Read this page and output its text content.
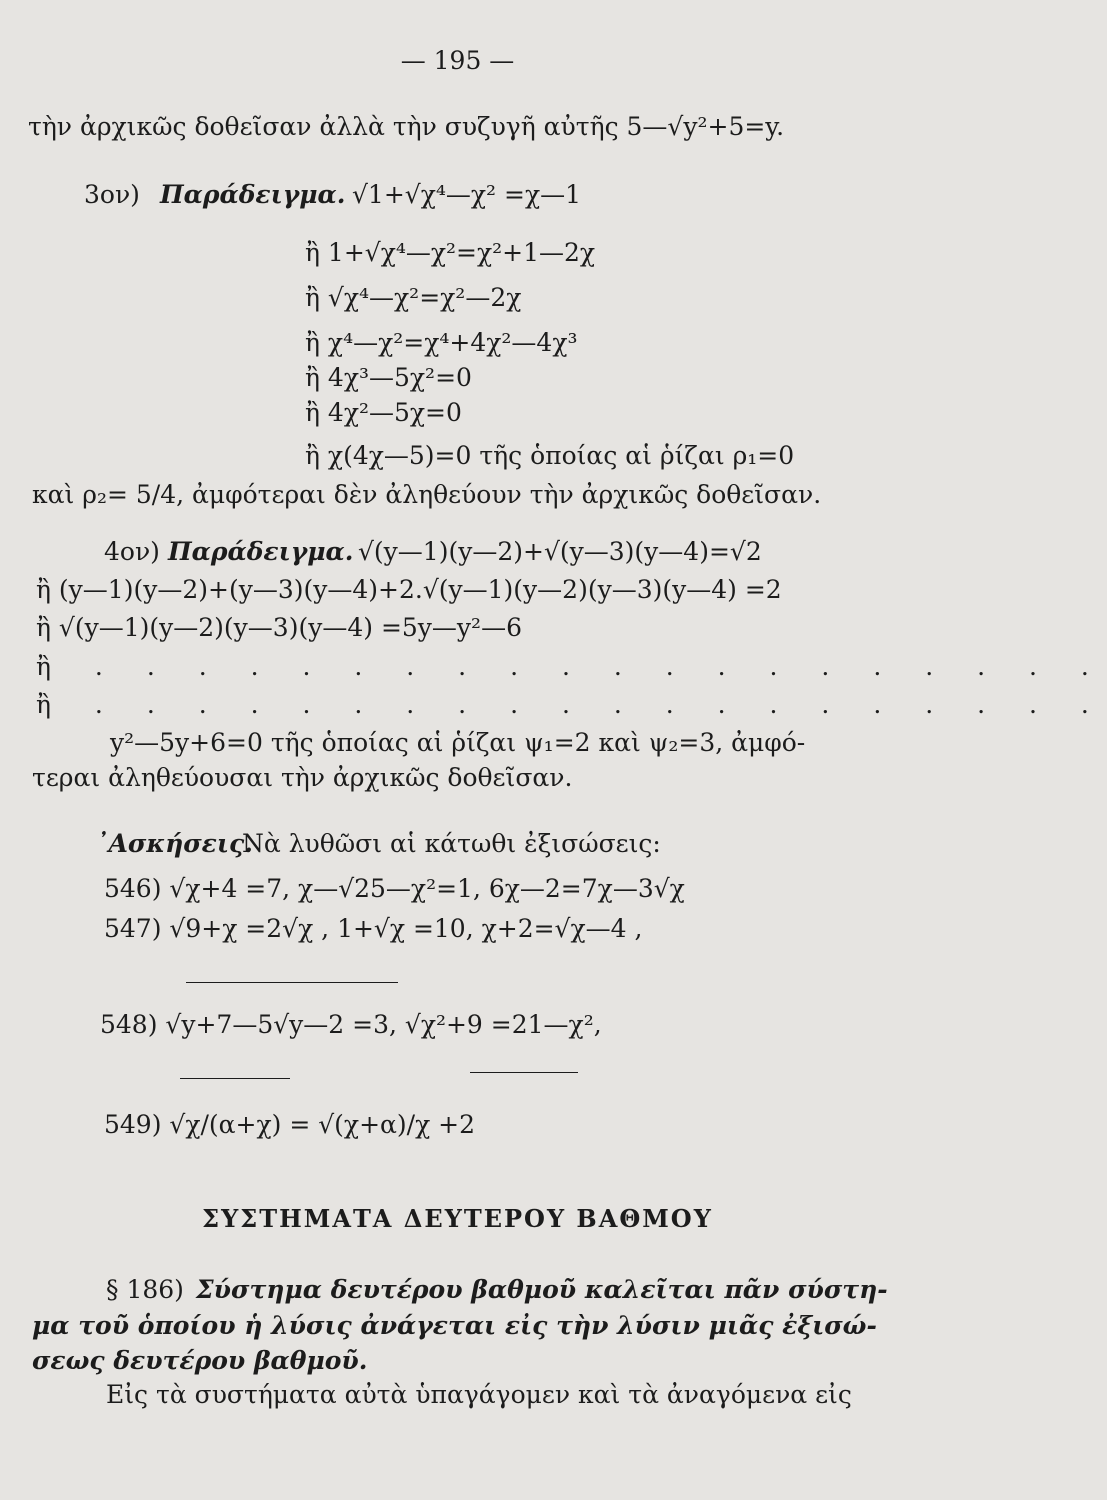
— 195 —
τὴν ἀρχικῶς δοθεῖσαν ἀλλὰ τὴν συζυγῆ αὐτῆς 5—√y²+5=y.
3ον) Παράδειγμα. √1+√χ⁴—χ² =χ—1
ἢ 1+√χ⁴—χ²=χ²+1—2χ
ἢ √χ⁴—χ²=χ²—2χ
ἢ χ⁴—χ²=χ⁴+4χ²—4χ³
ἢ 4χ³—5χ²=0
ἢ 4χ²—5χ=0
ἢ χ(4χ—5)=0 τῆς ὁποίας αἱ ῥίζαι ρ₁=0
καὶ ρ₂= 5/4, ἀμφότεραι δὲν ἀληθεύουν τὴν ἀρχικῶς δοθεῖσαν.
4ον) Παράδειγμα. √(y—1)(y—2)+√(y—3)(y—4)=√2
ἢ (y—1)(y—2)+(y—3)(y—4)+2.√(y—1)(y—2)(y—3)(y—4) =2
ἢ √(y—1)(y—2)(y—3)(y—4) =5y—y²—6
ἢ . . . . . . . . . . . . . . . . . . . .
ἢ . . . . . . . . . . . . . . . . . . . .
y²—5y+6=0 τῆς ὁποίας αἱ ῥίζαι ψ₁=2 καὶ ψ₂=3, ἀμφό-
τεραι ἀληθεύουσαι τὴν ἀρχικῶς δοθεῖσαν.
᾿Ασκήσεις.
Νὰ λυθῶσι αἱ κάτωθι ἐξισώσεις:
546) √χ+4 =7, χ—√25—χ²=1, 6χ—2=7χ—3√χ
547) √9+χ =2√χ , 1+√χ =10, χ+2=√χ—4 ,
548) √y+7—5√y—2 =3, √χ²+9 =21—χ²,
549) √χ/(α+χ) = √(χ+α)/χ +2
ΣΥΣΤΗΜΑΤΑ ΔΕΥΤΕΡΟΥ ΒΑΘΜΟΥ
§ 186) Σύστημα δευτέρου βαθμοῦ καλεῖται πᾶν σύστη-
μα τοῦ ὁποίου ἡ λύσις ἀνάγεται εἰς τὴν λύσιν μιᾶς ἐξισώ-
σεως δευτέρου βαθμοῦ.
Εἰς τὰ συστήματα αὐτὰ ὑπαγάγομεν καὶ τὰ ἀναγόμενα εἰς
